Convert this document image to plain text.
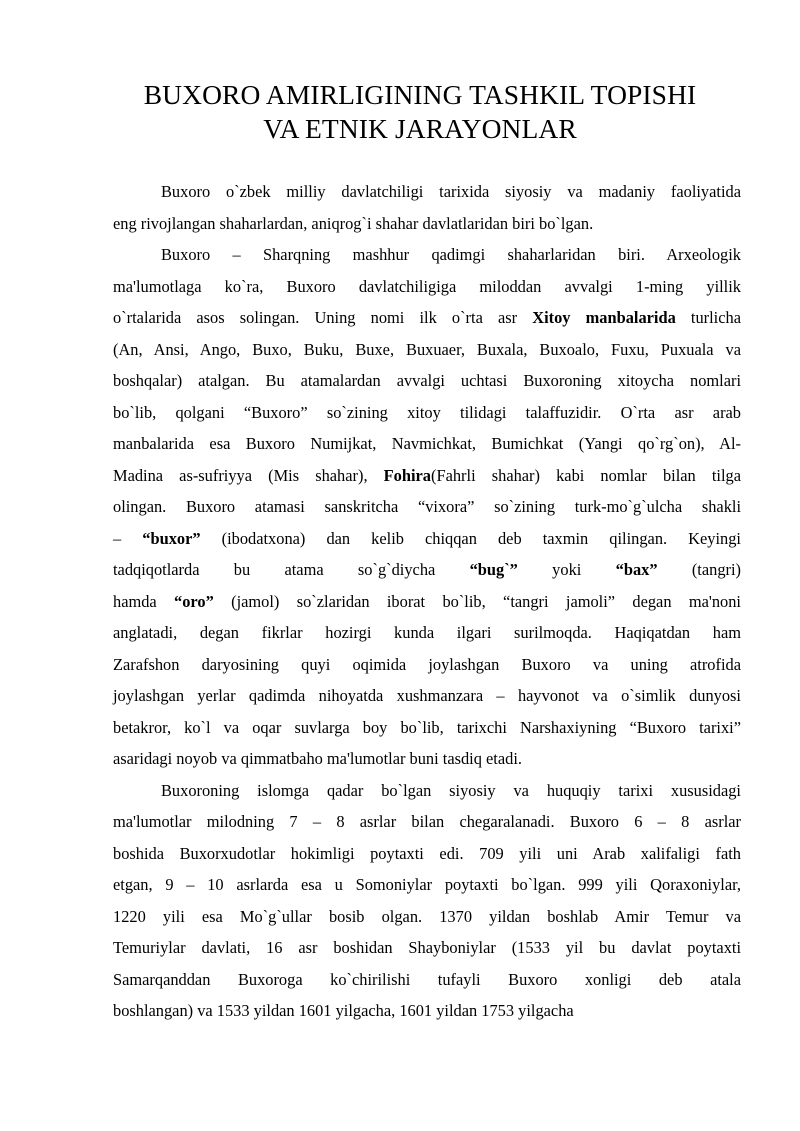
BUXORO AMIRLIGINING TASHKIL TOPISHI
VA ETNIK JARAYONLAR
Buxoro o`zbek milliy davlatchiligi tarixida siyosiy va madaniy faoliyatida
eng rivojlangan shaharlardan, aniqrog`i shahar davlatlaridan biri bo`lgan.
Buxoro – Sharqning mashhur qadimgi shaharlaridan biri. Arxeologik
ma'lumotlaga ko`ra, Buxoro davlatchiligiga miloddan avvalgi 1-ming yillik
o`rtalarida asos solingan. Uning nomi ilk o`rta asr Xitoy manbalarida turlicha
(An, Ansi, Ango, Buxo, Buku, Buxe, Buxuaer, Buxala, Buxoalo, Fuxu, Puxuala va
boshqalar) atalgan. Bu atamalardan avvalgi uchtasi Buxoroning xitoycha nomlari
bo`lib, qolgani “Buxoro” so`zining xitoy tilidagi talaffuzidir. O`rta asr arab
manbalarida esa Buxoro Numijkat, Navmichkat, Bumichkat (Yangi qo`rg`on), Al-
Madina as-sufriyya (Mis shahar), Fohira(Fahrli shahar) kabi nomlar bilan tilga
olingan. Buxoro atamasi sanskritcha “vixora” so`zining turk-mo`g`ulcha shakli
– “buxor” (ibodatxona) dan kelib chiqqan deb taxmin qilingan. Keyingi
tadqiqotlarda bu atama so`g`diycha “bug`” yoki “bax” (tangri)
hamda “oro” (jamol) so`zlaridan iborat bo`lib, “tangri jamoli” degan ma'noni
anglatadi, degan fikrlar hozirgi kunda ilgari surilmoqda. Haqiqatdan ham
Zarafshon daryosining quyi oqimida joylashgan Buxoro va uning atrofida
joylashgan yerlar qadimda nihoyatda xushmanzara – hayvonot va o`simlik dunyosi
betakror, ko`l va oqar suvlarga boy bo`lib, tarixchi Narshaxiyning “Buxoro tarixi”
asaridagi noyob va qimmatbaho ma'lumotlar buni tasdiq etadi.
Buxoroning islomga qadar bo`lgan siyosiy va huquqiy tarixi xususidagi
ma'lumotlar milodning 7 – 8 asrlar bilan chegaralanadi. Buxoro 6 – 8 asrlar
boshida Buxorxudotlar hokimligi poytaxti edi. 709 yili uni Arab xalifaligi fath
etgan, 9 – 10 asrlarda esa u Somoniylar poytaxti bo`lgan. 999 yili Qoraxoniylar,
1220 yili esa Mo`g`ullar bosib olgan. 1370 yildan boshlab Amir Temur va
Temuriylar davlati, 16 asr boshidan Shayboniylar (1533 yil bu davlat poytaxti
Samarqanddan Buxoroga ko`chirilishi tufayli Buxoro xonligi deb atala
boshlangan) va 1533 yildan 1601 yilgacha, 1601 yildan 1753 yilgacha
